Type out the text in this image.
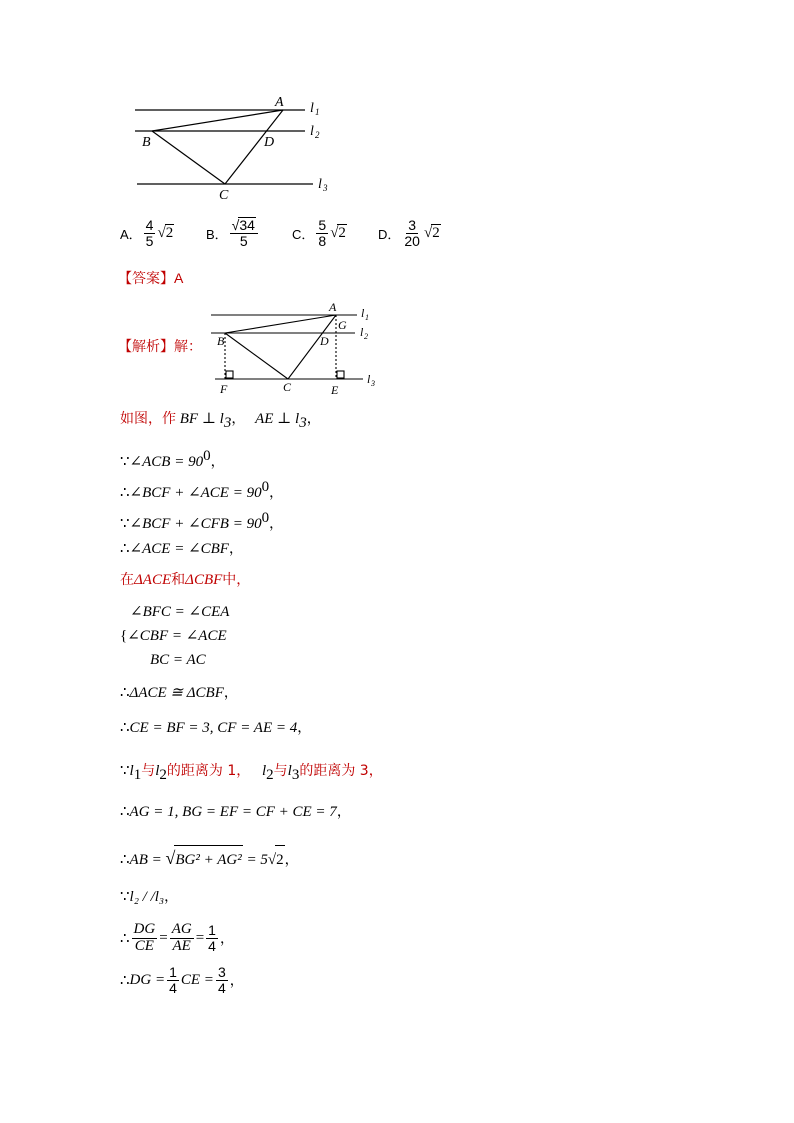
A
B	D
C
l 1
l 2
l 3
A． $\frac{4}{5}$ √ 2	B． $\frac{√34}{5}$	C． $\frac{5}{8}$ √ 2 D． $\frac{3}{20}$ √ 2
【答案】A
【解析】解：
A
G
B	D
F	C	E
l 1
l 2
l 3
如图，作 BF ⊥ $l_3$， AE ⊥ $l_3$，
∵∠ACB = $90^0$，
∴∠BCF + ∠ACE = $90^0$，
∵∠BCF + ∠CFB = $90^0$，
∴∠ACE = ∠CBF，
在ΔACE和ΔCBF中，
∠BFC = ∠CEA
{∠CBF = ∠ACE
BC = AC
∴ΔACE ≅ ΔCBF，
∴CE = BF = 3, CF = AE = 4，
$\because l_1$与$l_2$的距离为 1， $l_2$与$l_3$的距离为 3，
∴AG = 1, BG = EF = CF + CE = 7，
∴AB = √BG² + AG² = 5√2，
∵l₂ / /l₃，
∴ $\frac{DG}{CE} = \frac{AG}{AE} = \frac{1}{4}$ ，
∴ DG = $\frac{1}{4}$ CE = $\frac{3}{4}$ ，
